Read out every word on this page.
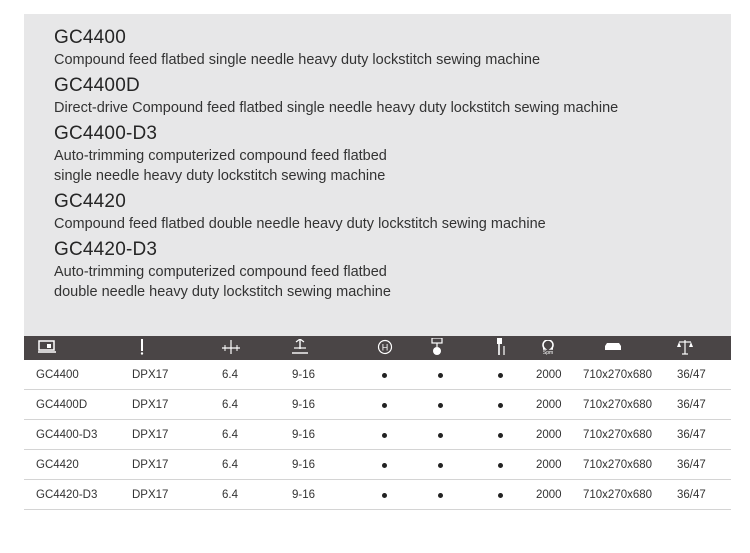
GC4400

Compound feed flatbed single needle heavy duty lockstitch sewing machine

GC4400D

Direct-drive Compound feed flatbed single needle heavy duty lockstitch sewing machine

GC4400-D3

Auto-trimming computerized compound feed flatbed
single needle heavy duty lockstitch sewing machine

GC4420

Compound feed flatbed double needle heavy duty lockstitch sewing machine

GC4420-D3

Auto-trimming computerized compound feed flatbed
double needle heavy duty lockstitch sewing machine

H			Spm

GC4400	DPX17	6.4	9-16				2000	710x270x680	36/47
GC4400D	DPX17	6.4	9-16				2000	710x270x680	36/47
GC4400-D3	DPX17	6.4	9-16				2000	710x270x680	36/47
GC4420	DPX17	6.4	9-16				2000	710x270x680	36/47
GC4420-D3	DPX17	6.4	9-16				2000	710x270x680	36/47
